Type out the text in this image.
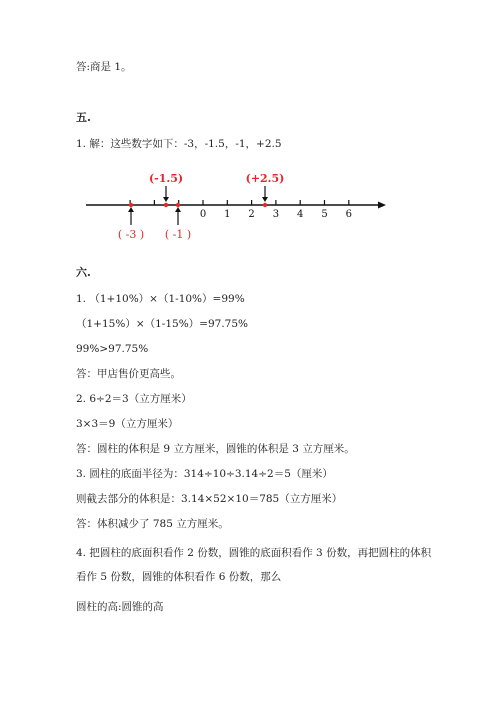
答:商是 1。
五.
1. 解：这些数字如下：-3，-1.5，-1，+2.5
0 1 2 3 4 5 6
(-1.5)	(+2.5)
( -3 ) ( -1 )
六.
1. （1+10%）×（1-10%）=99%
（1+15%）×（1-15%）=97.75%
99%>97.75%
答：甲店售价更高些。
2. 6÷2＝3（立方厘米）
3×3＝9（立方厘米）
答：圆柱的体积是 9 立方厘米，圆锥的体积是 3 立方厘米。
3. 圆柱的底面半径为：314÷10÷3.14÷2＝5（厘米）
则截去部分的体积是：3.14×52×10＝785（立方厘米）
答：体积减少了 785 立方厘米。
4. 把圆柱的底面积看作 2 份数，圆锥的底面积看作 3 份数，再把圆柱的体积看作 5 份数，圆锥的体积看作 6 份数，那么
圆柱的高:圆锥的高
